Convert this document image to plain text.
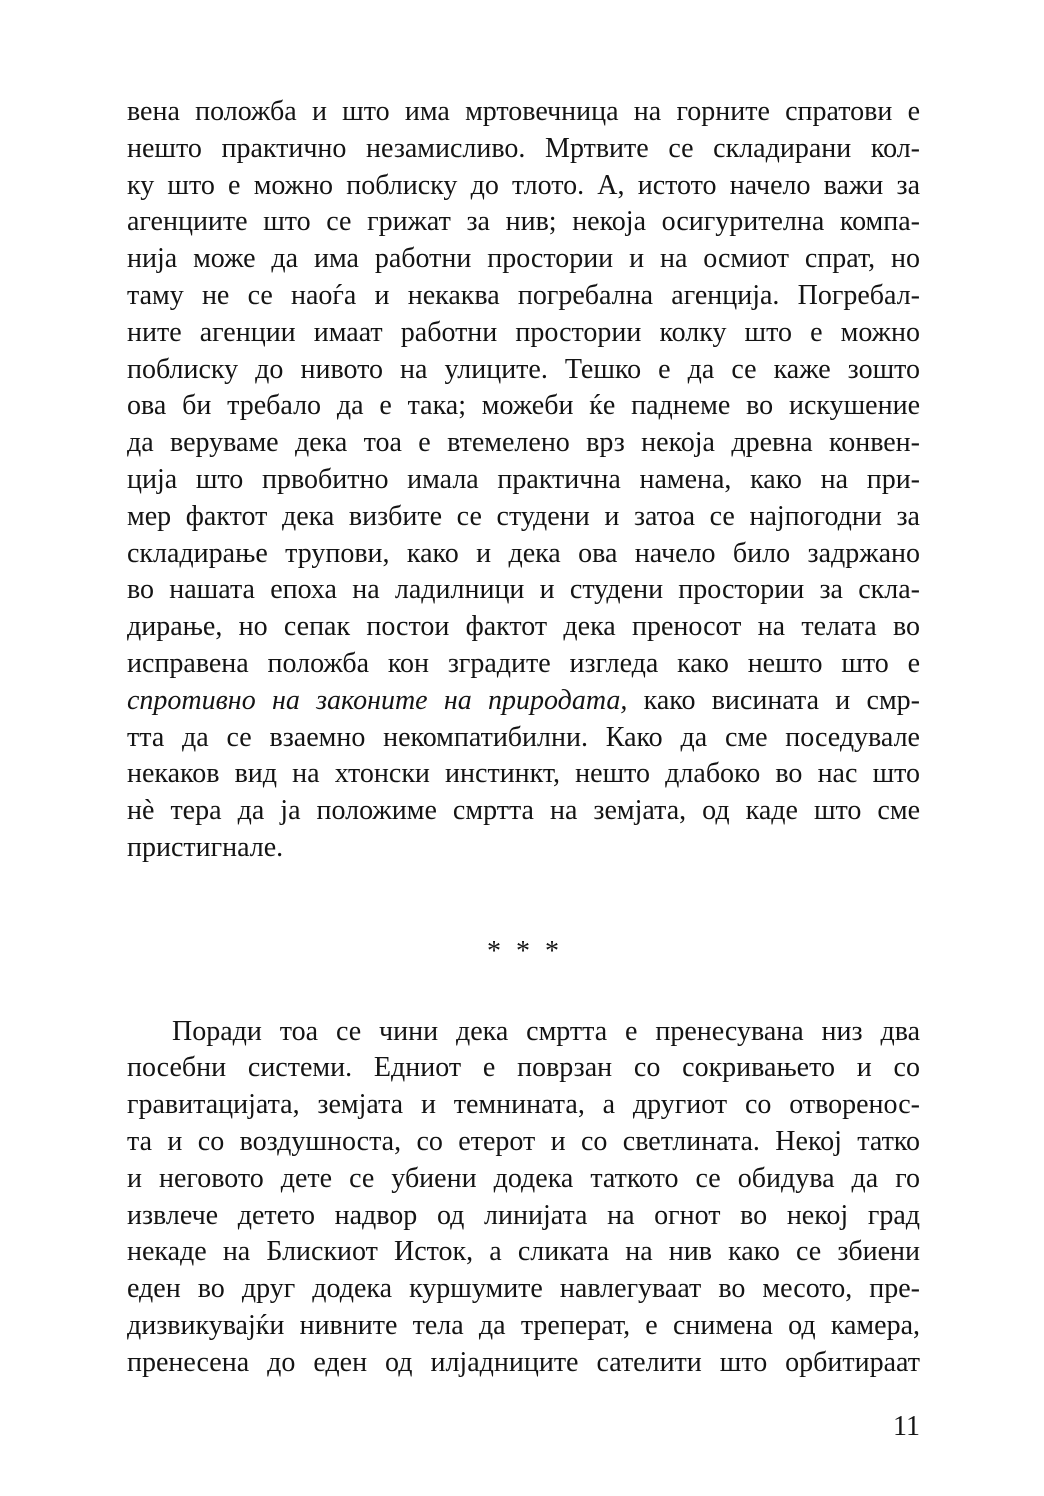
вена положба и што има мртовечница на горните спратови е
нешто практично незамисливо. Мртвите се складирани кол-
ку што е можно поблиску до тлото. А, истото начело важи за
агенциите што се грижат за нив; некоја осигурителна компа-
нија може да има работни простории и на осмиот спрат, но
таму не се наоѓа и некаква погребална агенција. Погребал-
ните агенции имаат работни простории колку што е можно
поблиску до нивото на улиците. Тешко е да се каже зошто
ова би требало да е така; можеби ќе паднеме во искушение
да веруваме дека тоа е втемелено врз некоја древна конвен-
ција што првобитно имала практична намена, како на при-
мер фактот дека визбите се студени и затоа се најпогодни за
складирање трупови, како и дека ова начело било задржано
во нашата епоха на ладилници и студени простории за скла-
дирање, но сепак постои фактот дека преносот на телата во
исправена положба кон зградите изгледа како нешто што е
спротивно на законите на природата, како висината и смр-
тта да се взаемно некомпатибилни. Како да сме поседувале
некаков вид на хтонски инстинкт, нешто длабоко во нас што
нѐ тера да ја положиме смртта на земјата, од каде што сме
пристигнале.
* * *
Поради тоа се чини дека смртта е пренесувана низ два
посебни системи. Едниот е поврзан со сокривањето и со
гравитацијата, земјата и темнината, а другиот со отворенос-
та и со воздушноста, со етерот и со светлината. Некој татко
и неговото дете се убиени додека таткото се обидува да го
извлече детето надвор од линијата на огнот во некој град
некаде на Блискиот Исток, а сликата на нив како се збиени
еден во друг додека куршумите навлегуваат во месото, пре-
дизвикувајќи нивните тела да треперат, е снимена од камера,
пренесена до еден од илјадниците сателити што орбитираат
11
